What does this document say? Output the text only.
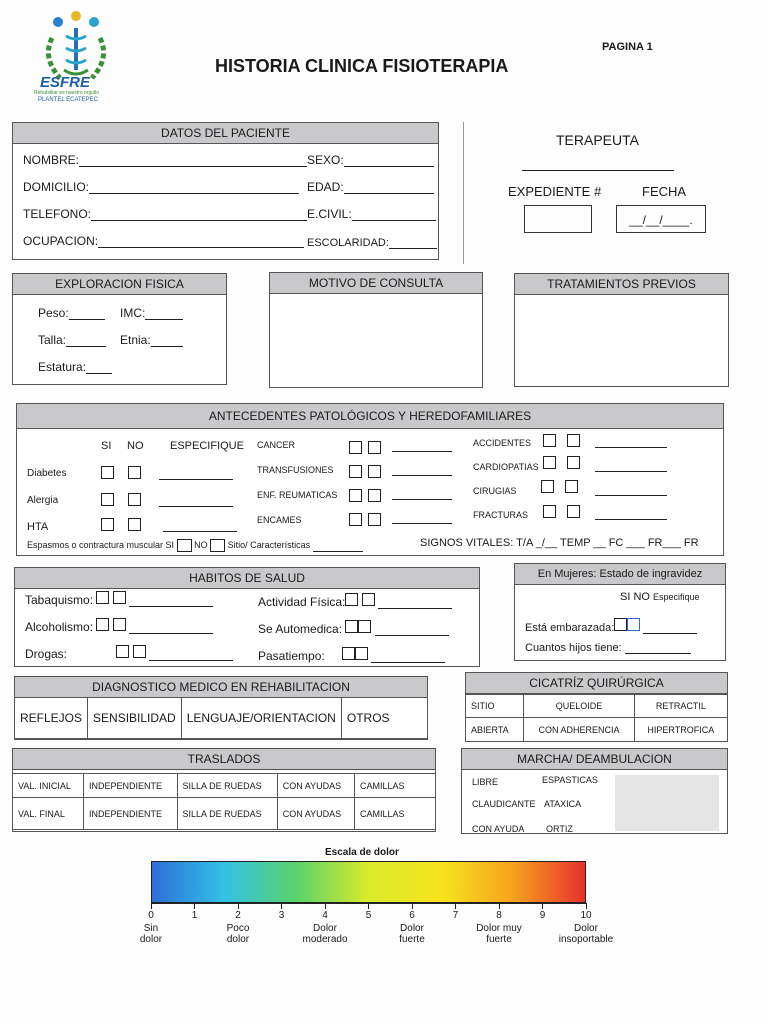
ESFRE
Rehabilitar es nuestro orgullo
PLANTEL ECATEPEC
HISTORIA CLINICA FISIOTERAPIA
PAGINA 1
DATOS DEL PACIENTE
NOMBRE:	SEXO:
DOMICILIO:	EDAD:
TELEFONO:	E.CIVIL:
OCUPACION:	ESCOLARIDAD:
TERAPEUTA
EXPEDIENTE #	FECHA
__/__/____.
EXPLORACION FISICA
Peso:	IMC:
Talla:	Etnia:
Estatura:
MOTIVO DE CONSULTA	TRATAMIENTOS PREVIOS
ANTECEDENTES PATOLÓGICOS Y HEREDOFAMILIARES
SI NO ESPECIFIQUE
Diabetes
Alergia
HTA
CANCER
TRANSFUSIONES
ENF. REUMATICAS
ENCAMES
ACCIDENTES
CARDIOPATIAS
CIRUGIAS
FRACTURAS
Espasmos o contractura muscular SI NO Sitio/ Características	SIGNOS VITALES: T/A _/__ TEMP __ FC ___ FR___ FR
HABITOS DE SALUD
Tabaquismo:
Alcoholismo:
Drogas:
Actividad Física:
Se Automedica:
Pasatiempo:
En Mujeres: Estado de ingravidez
SI NO Especifique
Está embarazada:
Cuantos hijos tiene:
DIAGNOSTICO MEDICO EN REHABILITACION
REFLEJOS	SENSIBILIDAD	LENGUAJE/ORIENTACION	OTROS
CICATRÍZ QUIRÚRGICA
SITIO	QUELOIDE	RETRACTIL
ABIERTA	CON ADHERENCIA	HIPERTROFICA
TRASLADOS
VAL. INICIAL	INDEPENDIENTE	SILLA DE RUEDAS	CON AYUDAS	CAMILLAS
VAL. FINAL	INDEPENDIENTE	SILLA DE RUEDAS	CON AYUDAS	CAMILLAS
MARCHA/ DEAMBULACION
LIBRE	ESPASTICAS
CLAUDICANTE ATAXICA
CON AYUDA ORTIZ
Escala de dolor
0	1	2	3	4	5	6	7	8	9	10
Sin
dolor
Poco
dolor
Dolor
moderado
Dolor
fuerte
Dolor muy
fuerte
Dolor
insoportable
